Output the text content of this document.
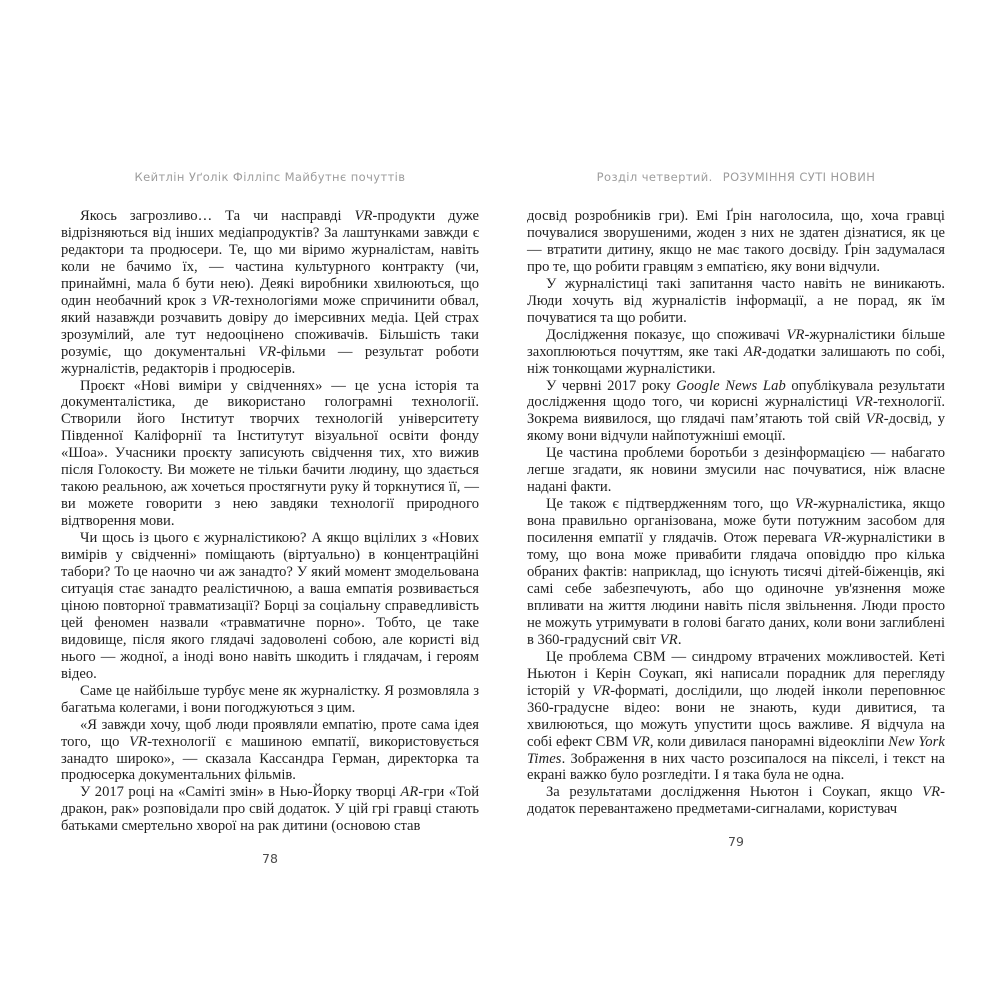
Кейтлін Уґолік Філліпс Майбутнє почуттів

Якось загрозливо… Та чи насправді VR-продукти дуже відрізняються від інших медіапродуктів? За лаштунками завжди є редактори та продюсери. Те, що ми віримо журналістам, навіть коли не бачимо їх, — частина культурного контракту (чи, принаймні, мала б бути нею). Деякі виробники хвилюються, що один необачний крок з VR-технологіями може спричинити обвал, який назавжди розчавить довіру до імерсивних медіа. Цей страх зрозумілий, але тут недооцінено споживачів. Більшість таки розуміє, що документальні VR-фільми — результат роботи журналістів, редакторів і продюсерів.

Проєкт «Нові виміри у свідченнях» — це усна історія та документалістика, де використано голограмні технології. Створили його Інститут творчих технологій університету Південної Каліфорнії та Інститутут візуальної освіти фонду «Шоа». Учасники проєкту записують свідчення тих, хто вижив після Голокосту. Ви можете не тільки бачити людину, що здається такою реальною, аж хочеться простягнути руку й торкнутися її, — ви можете говорити з нею завдяки технології природного відтворення мови.

Чи щось із цього є журналістикою? А якщо вцілілих з «Нових вимірів у свідченні» поміщають (віртуально) в концентраційні табори? То це наочно чи аж занадто? У який момент змодельована ситуація стає занадто реалістичною, а ваша емпатія розвивається ціною повторної травматизації? Борці за соціальну справедливість цей феномен назвали «травматичне порно». Тобто, це таке видовище, після якого глядачі задоволені собою, але користі від нього — жодної, а іноді воно навіть шкодить і глядачам, і героям відео.

Саме це найбільше турбує мене як журналістку. Я розмовляла з багатьма колегами, і вони погоджуються з цим.

«Я завжди хочу, щоб люди проявляли емпатію, проте сама ідея того, що VR-технології є машиною емпатії, використовується занадто широко», — сказала Кассандра Герман, директорка та продюсерка документальних фільмів.

У 2017 році на «Саміті змін» в Нью-Йорку творці AR-гри «Той дракон, рак» розповідали про свій додаток. У цій грі гравці стають батьками смертельно хворої на рак дитини (основою став

78
Розділ четвертий. РОЗУМІННЯ СУТІ НОВИН

досвід розробників гри). Емі Ґрін наголосила, що, хоча гравці почувалися зворушеними, жоден з них не здатен дізнатися, як це — втратити дитину, якщо не має такого досвіду. Ґрін задумалася про те, що робити гравцям з емпатією, яку вони відчули.

У журналістиці такі запитання часто навіть не виникають. Люди хочуть від журналістів інформації, а не порад, як їм почуватися та що робити.

Дослідження показує, що споживачі VR-журналістики більше захоплюються почуттям, яке такі AR-додатки залишають по собі, ніж тонкощами журналістики.

У червні 2017 року Google News Lab опублікувала результати дослідження щодо того, чи корисні журналістиці VR-технології. Зокрема виявилося, що глядачі пам’ятають той свій VR-досвід, у якому вони відчули найпотужніші емоції.

Це частина проблеми боротьби з дезінформацією — набагато легше згадати, як новини змусили нас почуватися, ніж власне надані факти.

Це також є підтвердженням того, що VR-журналістика, якщо вона правильно організована, може бути потужним засобом для посилення емпатії у глядачів. Отож перевага VR-журналістики в тому, що вона може привабити глядача оповіддю про кілька обраних фактів: наприклад, що існують тисячі дітей-біженців, які самі себе забезпечують, або що одиночне ув'язнення може впливати на життя людини навіть після звільнення. Люди просто не можуть утримувати в голові багато даних, коли вони заглиблені в 360-градусний світ VR.

Це проблема СВМ — синдрому втрачених можливостей. Кеті Ньютон і Керін Соукап, які написали порадник для перегляду історій у VR-форматі, дослідили, що людей інколи переповнює 360-градусне відео: вони не знають, куди дивитися, та хвилюються, що можуть упустити щось важливе. Я відчула на собі ефект СВМ VR, коли дивилася панорамні відеокліпи New York Times. Зображення в них часто розсипалося на пікселі, і текст на екрані важко було розгледіти. І я така була не одна.

За результатами дослідження Ньютон і Соукап, якщо VR-додаток перевантажено предметами-сигналами, користувач

79
